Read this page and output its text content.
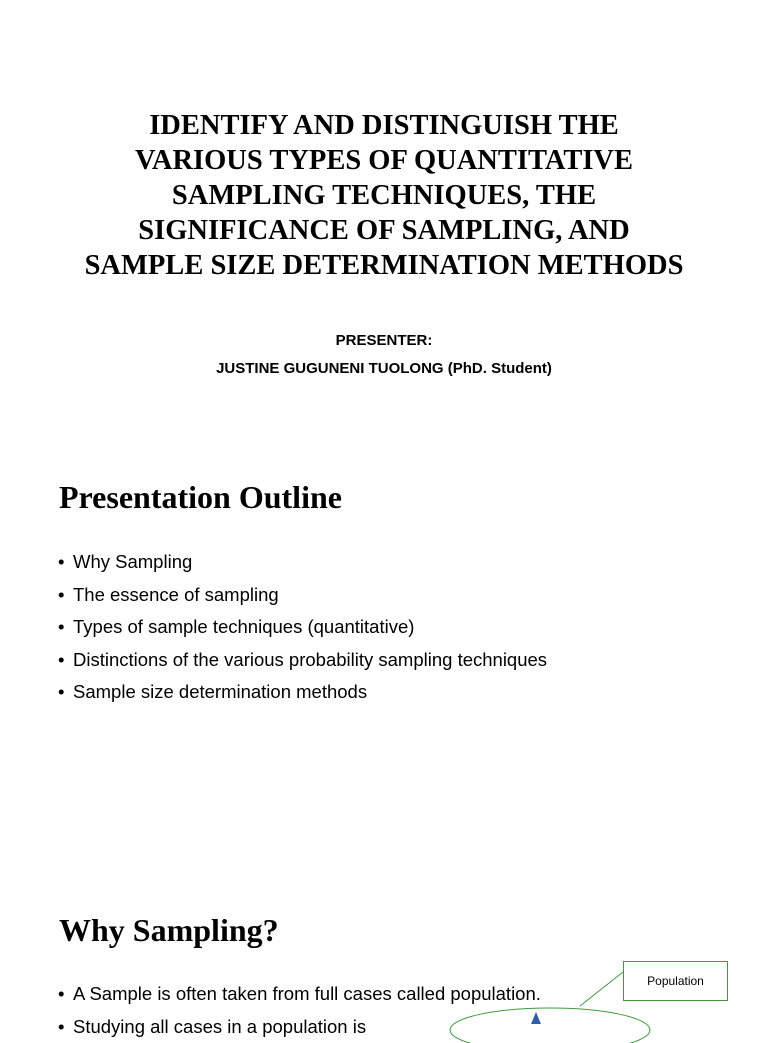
IDENTIFY AND DISTINGUISH THE
VARIOUS TYPES OF QUANTITATIVE
SAMPLING TECHNIQUES, THE
SIGNIFICANCE OF SAMPLING, AND
SAMPLE SIZE DETERMINATION METHODS
PRESENTER:
JUSTINE GUGUNENI TUOLONG (PhD. Student)
Presentation Outline
• Why Sampling
• The essence of sampling
• Types of sample techniques (quantitative)
• Distinctions of the various probability sampling techniques
• Sample size determination methods
Why Sampling?
• A Sample is often taken from full cases called population.
• Studying all cases in a population is
Population
